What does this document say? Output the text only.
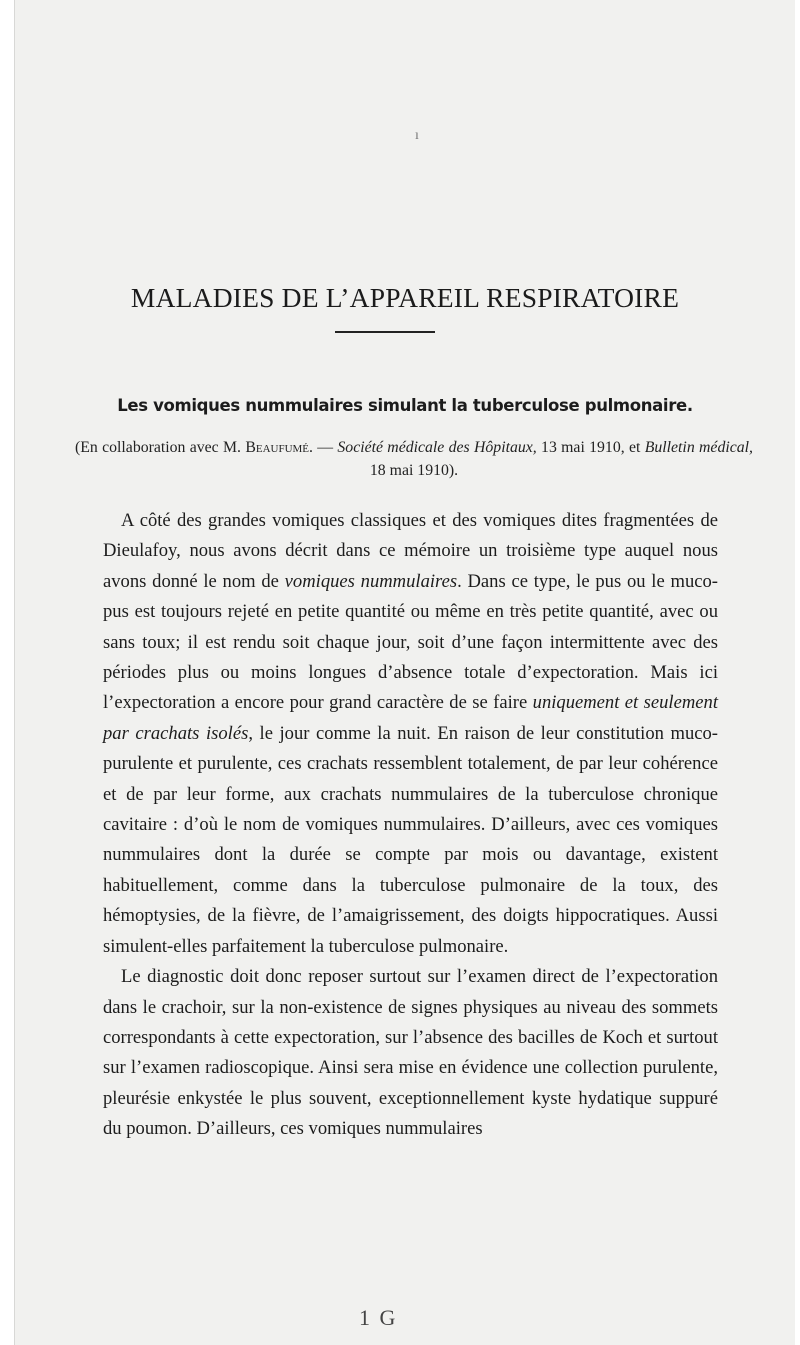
ı
MALADIES DE L’APPAREIL RESPIRATOIRE
Les vomiques nummulaires simulant la tuberculose pulmonaire.

(En collaboration avec M. Beaufumé. — Société médicale des Hôpitaux, 13 mai 1910, et Bulletin médical, 18 mai 1910).

A côté des grandes vomiques classiques et des vomiques dites fragmentées de Dieulafoy, nous avons décrit dans ce mémoire un troisième type auquel nous avons donné le nom de vomiques nummulaires. Dans ce type, le pus ou le muco-pus est toujours rejeté en petite quantité ou même en très petite quantité, avec ou sans toux; il est rendu soit chaque jour, soit d’une façon intermittente avec des périodes plus ou moins longues d’absence totale d’expectoration. Mais ici l’expectoration a encore pour grand caractère de se faire uniquement et seulement par crachats isolés, le jour comme la nuit. En raison de leur constitution muco-purulente et purulente, ces crachats ressemblent totalement, de par leur cohérence et de par leur forme, aux crachats nummulaires de la tuberculose chronique cavitaire : d’où le nom de vomiques nummulaires. D’ailleurs, avec ces vomiques nummulaires dont la durée se compte par mois ou davantage, existent habituellement, comme dans la tuberculose pulmonaire de la toux, des hémoptysies, de la fièvre, de l’amaigrissement, des doigts hippocratiques. Aussi simulent-elles parfaitement la tuberculose pulmonaire.

Le diagnostic doit donc reposer surtout sur l’examen direct de l’expectoration dans le crachoir, sur la non-existence de signes physiques au niveau des sommets correspondants à cette expectoration, sur l’absence des bacilles de Koch et surtout sur l’examen radioscopique. Ainsi sera mise en évidence une collection purulente, pleurésie enkystée le plus souvent, exceptionnellement kyste hydatique suppuré du poumon. D’ailleurs, ces vomiques nummulaires

1 G
